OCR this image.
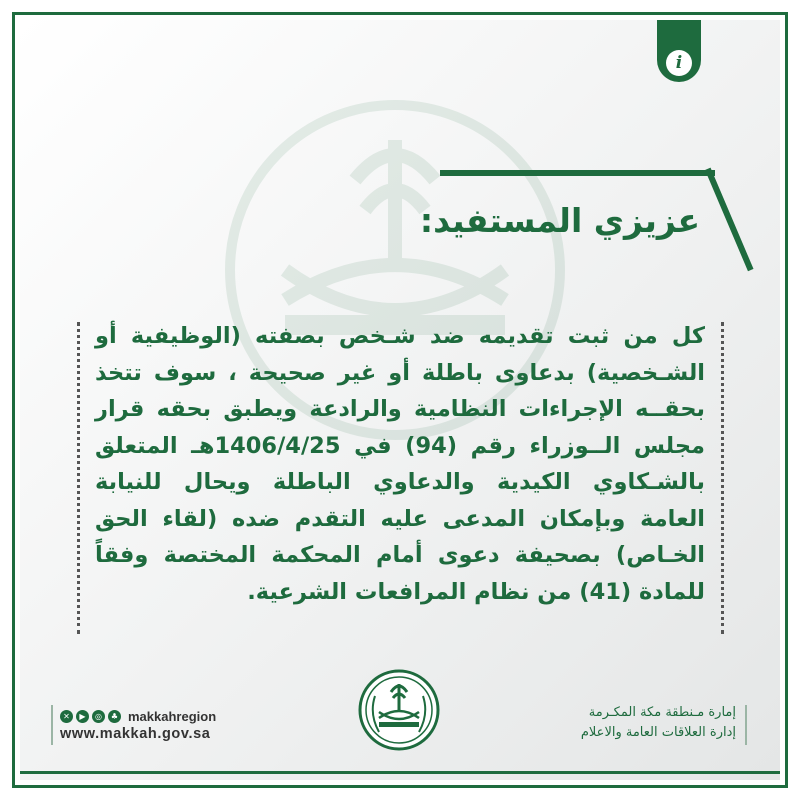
i
عزيزي المستفيد:
كل من ثبت تقديمه ضد شـخص بصفته (الوظيفية أو الشـخصية) بدعاوى باطلة أو غير صحيحة ، سوف تتخذ بحقــه الإجراءات النظامية والرادعة ويطبق بحقه قرار مجلس الــوزراء رقم (94) في 1406/4/25هـ المتعلق بالشـكاوي الكيدية والدعاوي الباطلة ويحال للنيابة العامة وبإمكان المدعى عليه التقدم ضده (لقاء الحق الخـاص) بصحيفة دعوى أمام المحكمة المختصة وفقاً للمادة (41) من نظام المرافعات الشرعية.
إمارة مـنطقة مكة المكـرمة
إدارة العلاقات العامة والاعلام
✕	▶	◎	♣ makkahregion
www.makkah.gov.sa
